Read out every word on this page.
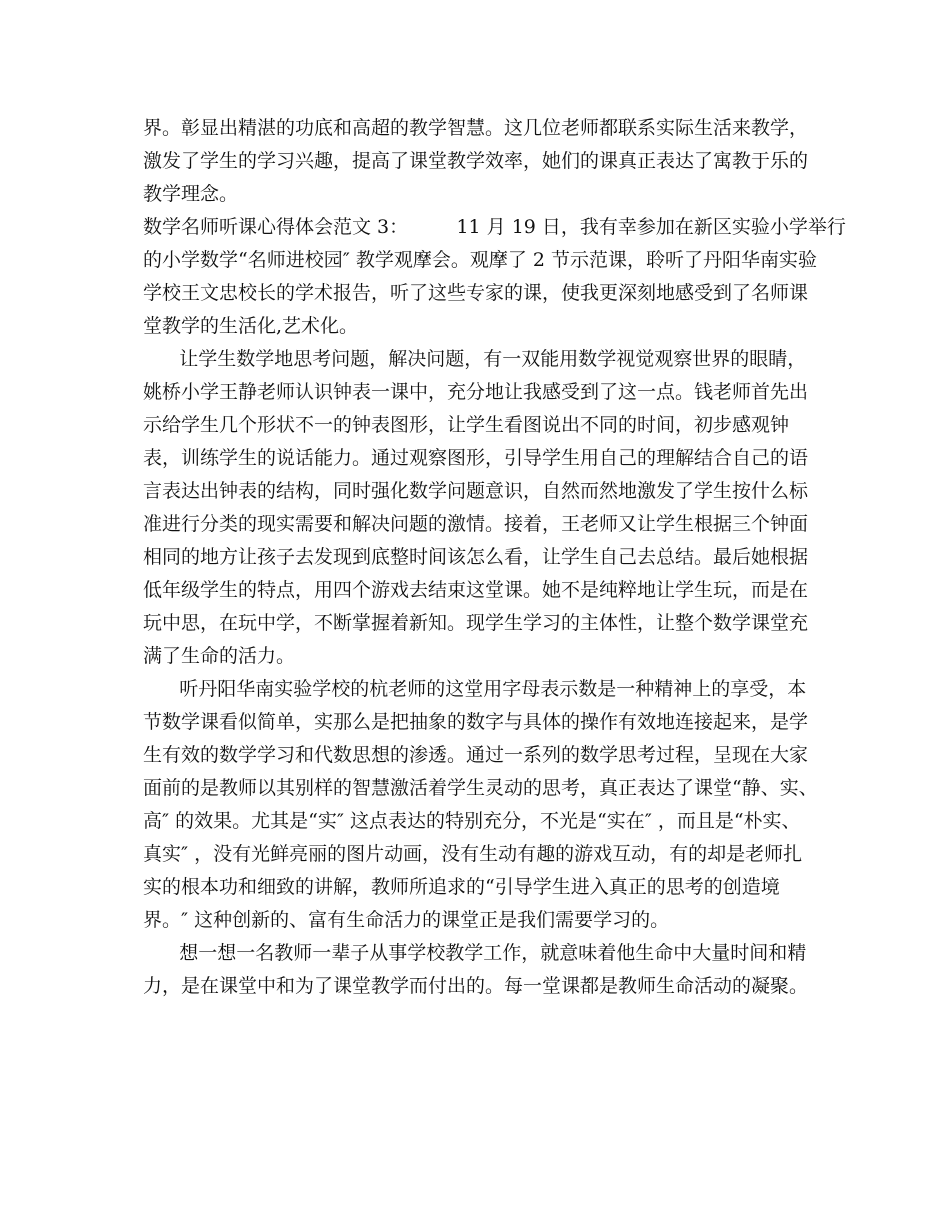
界。彰显出精湛的功底和高超的教学智慧。这几位老师都联系实际生活来教学，
激发了学生的学习兴趣，提高了课堂教学效率，她们的课真正表达了寓教于乐的
教学理念。
数学名师听课心得体会范文 3：        11 月 19 日，我有幸参加在新区实验小学举行
的小学数学“名师进校园″ 教学观摩会。观摩了 2 节示范课，聆听了丹阳华南实验
学校王文忠校长的学术报告，听了这些专家的课，使我更深刻地感受到了名师课
堂教学的生活化,艺术化。
让学生数学地思考问题，解决问题，有一双能用数学视觉观察世界的眼睛，
姚桥小学王静老师认识钟表一课中，充分地让我感受到了这一点。钱老师首先出
示给学生几个形状不一的钟表图形，让学生看图说出不同的时间，初步感观钟
表，训练学生的说话能力。通过观察图形，引导学生用自己的理解结合自己的语
言表达出钟表的结构，同时强化数学问题意识，自然而然地激发了学生按什么标
准进行分类的现实需要和解决问题的激情。接着，王老师又让学生根据三个钟面
相同的地方让孩子去发现到底整时间该怎么看，让学生自己去总结。最后她根据
低年级学生的特点，用四个游戏去结束这堂课。她不是纯粹地让学生玩，而是在
玩中思，在玩中学，不断掌握着新知。现学生学习的主体性，让整个数学课堂充
满了生命的活力。
听丹阳华南实验学校的杭老师的这堂用字母表示数是一种精神上的享受，本
节数学课看似简单，实那么是把抽象的数字与具体的操作有效地连接起来，是学
生有效的数学学习和代数思想的渗透。通过一系列的数学思考过程，呈现在大家
面前的是教师以其别样的智慧激活着学生灵动的思考，真正表达了课堂“静、实、
高″ 的效果。尤其是“实″ 这点表达的特别充分，不光是“实在″ ，而且是“朴实、
真实″ ，没有光鲜亮丽的图片动画，没有生动有趣的游戏互动，有的却是老师扎
实的根本功和细致的讲解，教师所追求的“引导学生进入真正的思考的创造境
界。″ 这种创新的、富有生命活力的课堂正是我们需要学习的。
想一想一名教师一辈子从事学校教学工作，就意味着他生命中大量时间和精
力，是在课堂中和为了课堂教学而付出的。每一堂课都是教师生命活动的凝聚。
